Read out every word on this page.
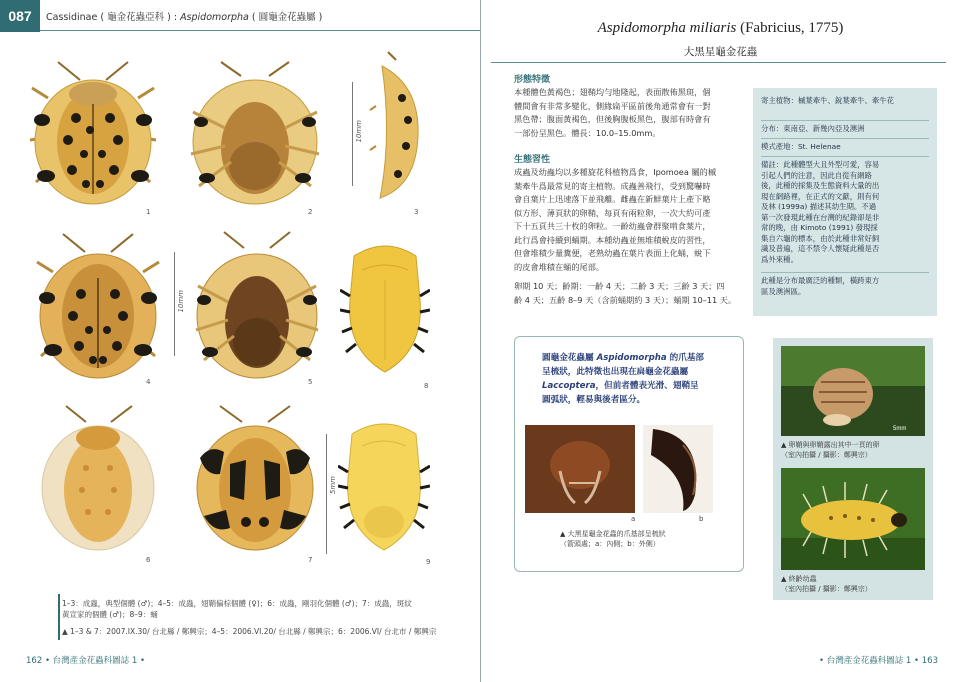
087	Cassidinae ( 龜金花蟲亞科 ) : Aspidomorpha ( 圓龜金花蟲屬 )
1	2
10mm
3
4
10mm
5	8
6	7
5mm
9
1–3：成蟲，典型個體 (♂)；4–5：成蟲，翅鞘偏棕個體 (♀)；6：成蟲，剛羽化個體 (♂)；7：成蟲，斑紋
黃宣家的個體 (♂)；8–9：蛹
▲ 1–3 & 7：2007.IX.30/ 台北縣 / 鄭興宗；4–5：2006.VI.20/ 台北縣 / 鄭興宗；6：2006.VI/ 台北市 / 鄭興宗
162 • 台灣產金花蟲科圖誌 1 •
Aspidomorpha miliaris (Fabricius, 1775)
大黑星龜金花蟲
形態特徵
本種體色黃褐色；翅鞘均勻地隆起，表面散佈黑斑，個
體間會有非常多變化，側緣扁平區前後角通常會有一對
黑色帶；腹面黃褐色，但後胸腹板黑色，腹部有時會有
一部份呈黑色。體長：10.0–15.0mm。
生態習性
成蟲及幼蟲均以多種旋花科植物爲食，Ipomoea 屬的槭
葉牽牛爲最常見的寄主植物。成蟲善飛行，受到驚嚇時
會自葉片上迅速落下並飛離。雌蟲在新鮮葉片上產下略
似方形、薄頁狀的卵鞘，每頁有兩粒卵，一次大約可產
下十五頁共三十枚的卵粒。一齡幼蟲會群聚啃食葉片，
此行爲會持續到蛹期。本種幼蟲並無堆積蛻皮的習性，
但會堆積少量糞便，老熟幼蟲在葉片表面上化蛹，蛻下
的皮會堆積在蛹的尾部。
卵期 10 天；齡期：一齡 4 天；二齡 3 天；三齡 3 天；四
齡 4 天；五齡 8–9 天（含前蛹期約 3 天）；蛹期 10–11 天。
寄主植物：槭葉牽牛、銳葉牽牛、牽牛花
分布：東南亞、新幾內亞及澳洲
模式產地：St. Helenae
備註：此種體型大且外型可愛，容易
引起人們的注意，因此自從有網路
後，此種的採集及生態資料大量的出
現在網路裡，在正式的文獻，則有何
及林 (1999a) 描述其幼生期。不過
第一次發現此種在台灣的紀錄卻是非
常的晚，由 Kimoto (1991) 發現採
集自六龜的標本，由於此種非常好飼
識及普遍，這不禁令人懷疑此種是否
爲外來種。
此種是分布最廣泛的種類，橫跨東方
區及澳洲區。
圓龜金花蟲屬 Aspidomorpha 的爪基部
呈梳狀，此特徵也出現在扁龜金花蟲屬
Laccoptera，但前者體表光滑、翅鞘呈
圓弧狀，輕易與後者區分。
a	b
▲ 大黑星龜金花蟲的爪基部呈梳狀
（箭頭處；a：內側；b：外側）
5mm
▲ 卵鞘與卵鞘露出其中一頁的卵
（室內拍攝 / 攝影：鄭興宗）
▲ 終齡幼蟲
（室內拍攝 / 攝影：鄭興宗）
• 台灣產金花蟲科圖誌 1 • 163
